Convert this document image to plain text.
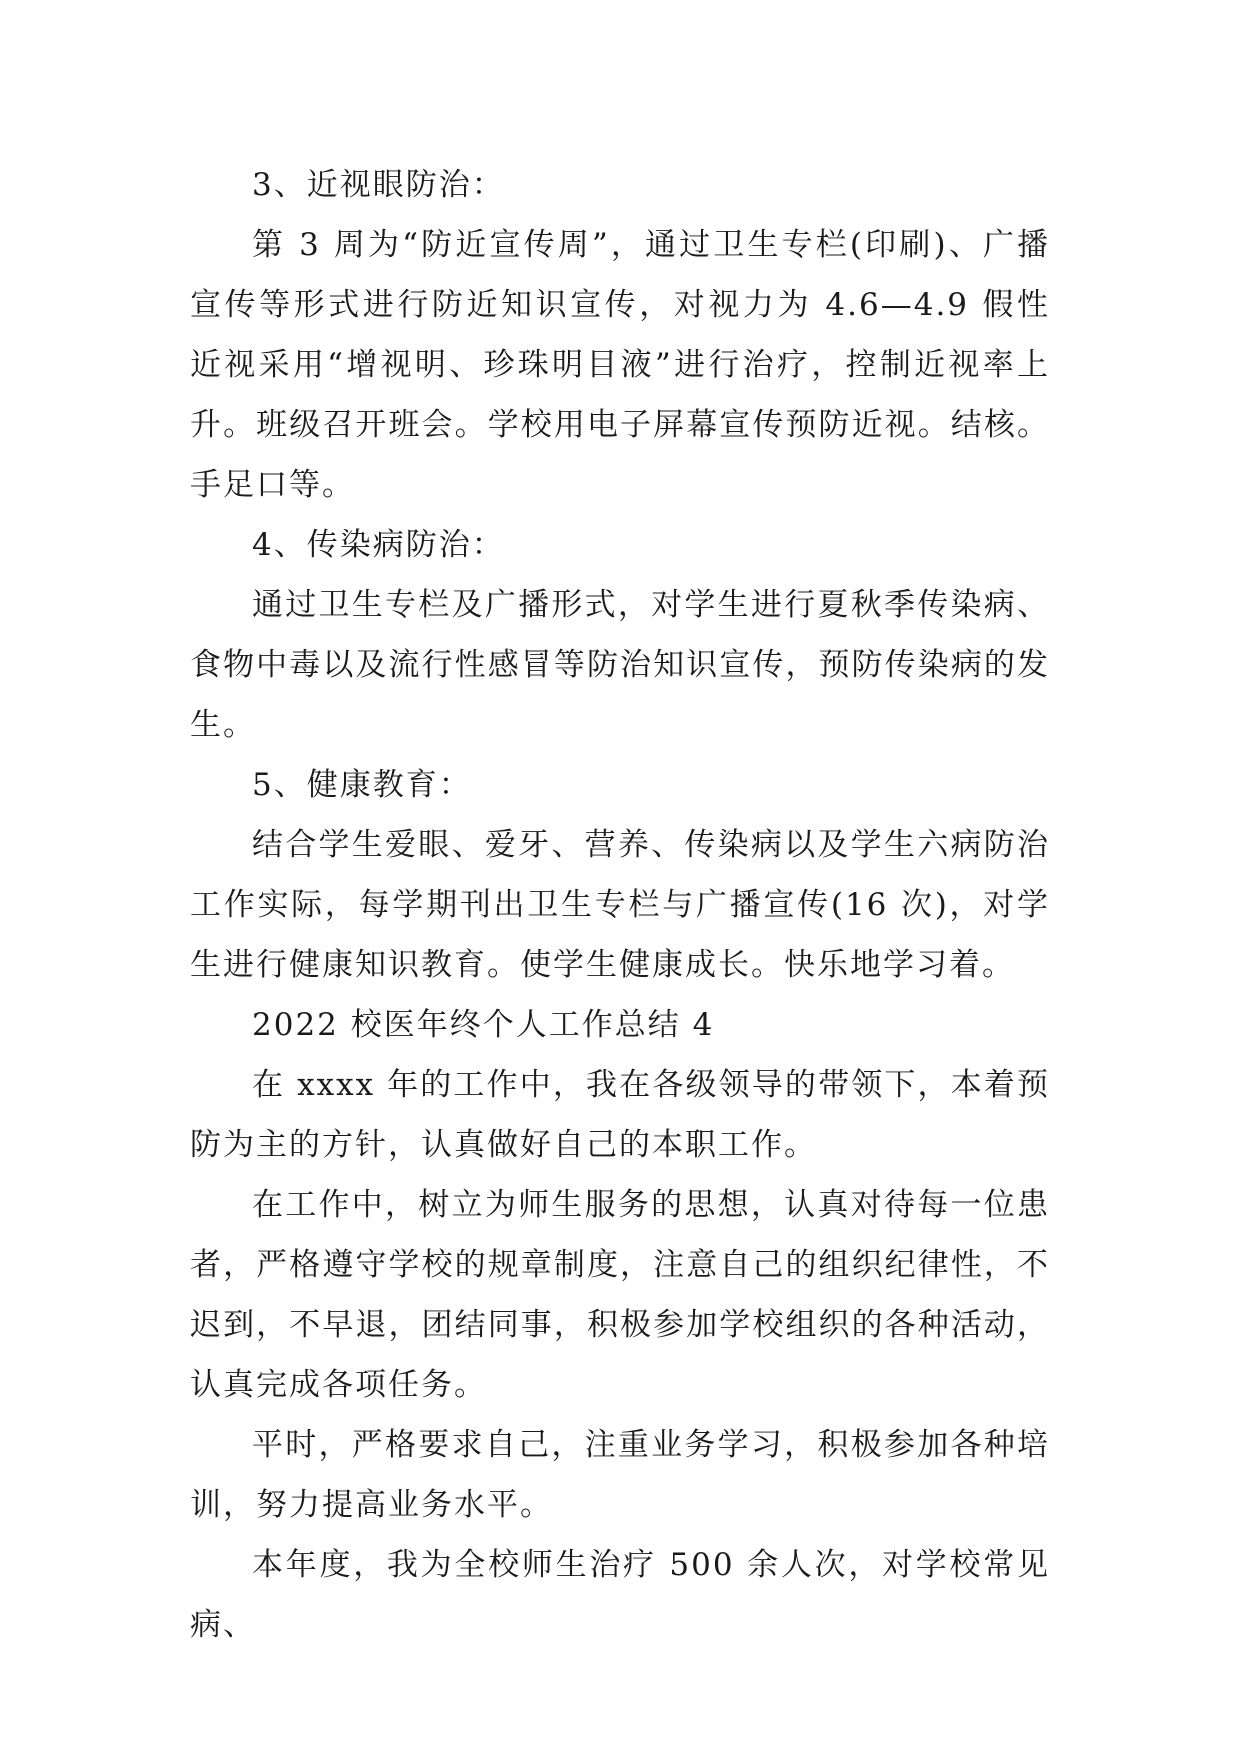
3、近视眼防治：

第 3 周为“防近宣传周”，通过卫生专栏(印刷)、广播宣传等形式进行防近知识宣传，对视力为 4.6—4.9 假性近视采用“增视明、珍珠明目液”进行治疗，控制近视率上升。班级召开班会。学校用电子屏幕宣传预防近视。结核。手足口等。

4、传染病防治：

通过卫生专栏及广播形式，对学生进行夏秋季传染病、食物中毒以及流行性感冒等防治知识宣传，预防传染病的发生。

5、健康教育：

结合学生爱眼、爱牙、营养、传染病以及学生六病防治工作实际，每学期刊出卫生专栏与广播宣传(16 次)，对学生进行健康知识教育。使学生健康成长。快乐地学习着。

2022 校医年终个人工作总结 4

在 xxxx 年的工作中，我在各级领导的带领下，本着预防为主的方针，认真做好自己的本职工作。

在工作中，树立为师生服务的思想，认真对待每一位患者，严格遵守学校的规章制度，注意自己的组织纪律性，不迟到，不早退，团结同事，积极参加学校组织的各种活动，认真完成各项任务。

平时，严格要求自己，注重业务学习，积极参加各种培训，努力提高业务水平。

本年度，我为全校师生治疗 500 余人次，对学校常见病、
